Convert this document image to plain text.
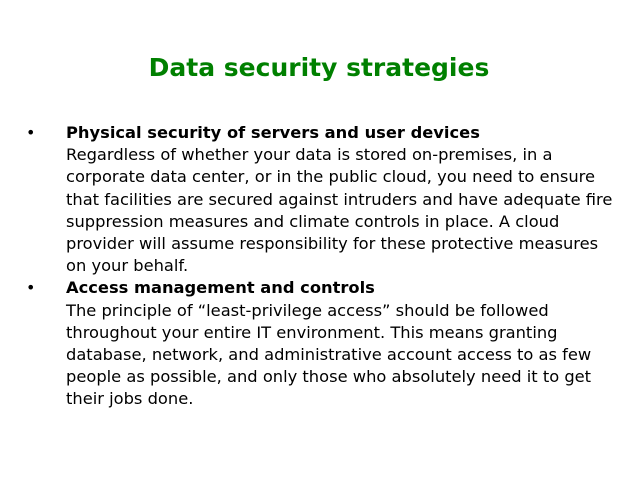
Data security strategies
•	Physical security of servers and user devices
Regardless of whether your data is stored on-premises, in a corporate data center, or in the public cloud, you need to ensure that facilities are secured against intruders and have adequate fire suppression measures and climate controls in place. A cloud provider will assume responsibility for these protective measures on your behalf.
•	Access management and controls
The principle of “least-privilege access” should be followed throughout your entire IT environment. This means granting database, network, and administrative account access to as few people as possible, and only those who absolutely need it to get their jobs done.
